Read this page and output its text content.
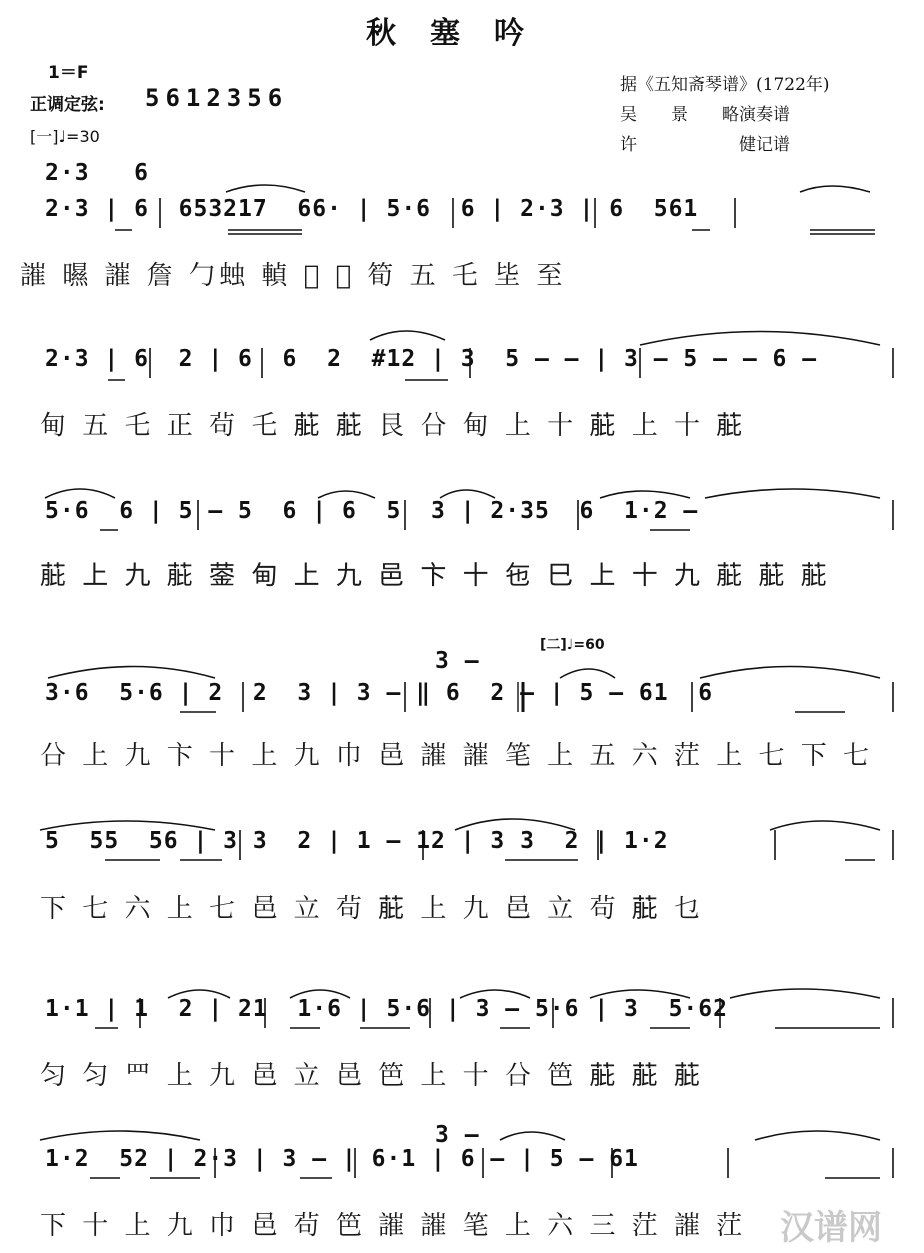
秋塞吟
1＝F
正调定弦: 5612356
[一]♩=30
据《五知斋琴谱》(1722年)
吴　　景　　略演奏谱
许　　　　　　健记谱
2·3   6
2·3 | 6  653217  66· | 5·6  6 | 2·3 | 6  561
䜅 㬤 䜅 詹 勹䖵 䡠 𩨔 𩨔 筍 五 乇 坒 至
2·3 | 6  2 | 6  6  2  #12 | 3  5 — — | 3 — 5 — — 6 —
甸 五 乇 正 茍 乇 𦱔 𦱔 艮 㕣 甸 上 十 𦱔 上 十 𦱔
5·6  6 | 5 — 5  6 | 6  5  3 | 2·35  6  1·2 —
𦱔 上 九 𦱔 蓥 甸 上 九 邑 卞 十 㐌 巳 上 十 九 𦱔 𦱔 𦱔
[二]♩=60
3 —
3·6  5·6 | 2  2  3 | 3 — ‖ 6  2 — | 5 — 61  6
㕣 上 九 卞 十 上 九 巾 邑 䜅 䜅 笔 上 五 六 茳 上 七 下 七
5  55  56 | 3 3  2 | 1 — 12 | 3 3  2 | 1·2
下 七 六 上 七 邑 立 茍 𦱔 上 九 邑 立 茍 𦱔 乜
1·1 | 1  2 | 21  1·6 | 5·6 | 3 — 5·6 | 3  5·62
匀 匀 罒 上 九 邑 立 邑 笆 上 十 㕣 笆 𦱔 𦱔 𦱔
3 —
1·2  52 | 2·3 | 3 — | 6·1 | 6 — | 5 — 61
下 十 上 九 巾 邑 茍 笆 䜅 䜅 笔 上 六 三 茳 䜅 茳 汉谱网
